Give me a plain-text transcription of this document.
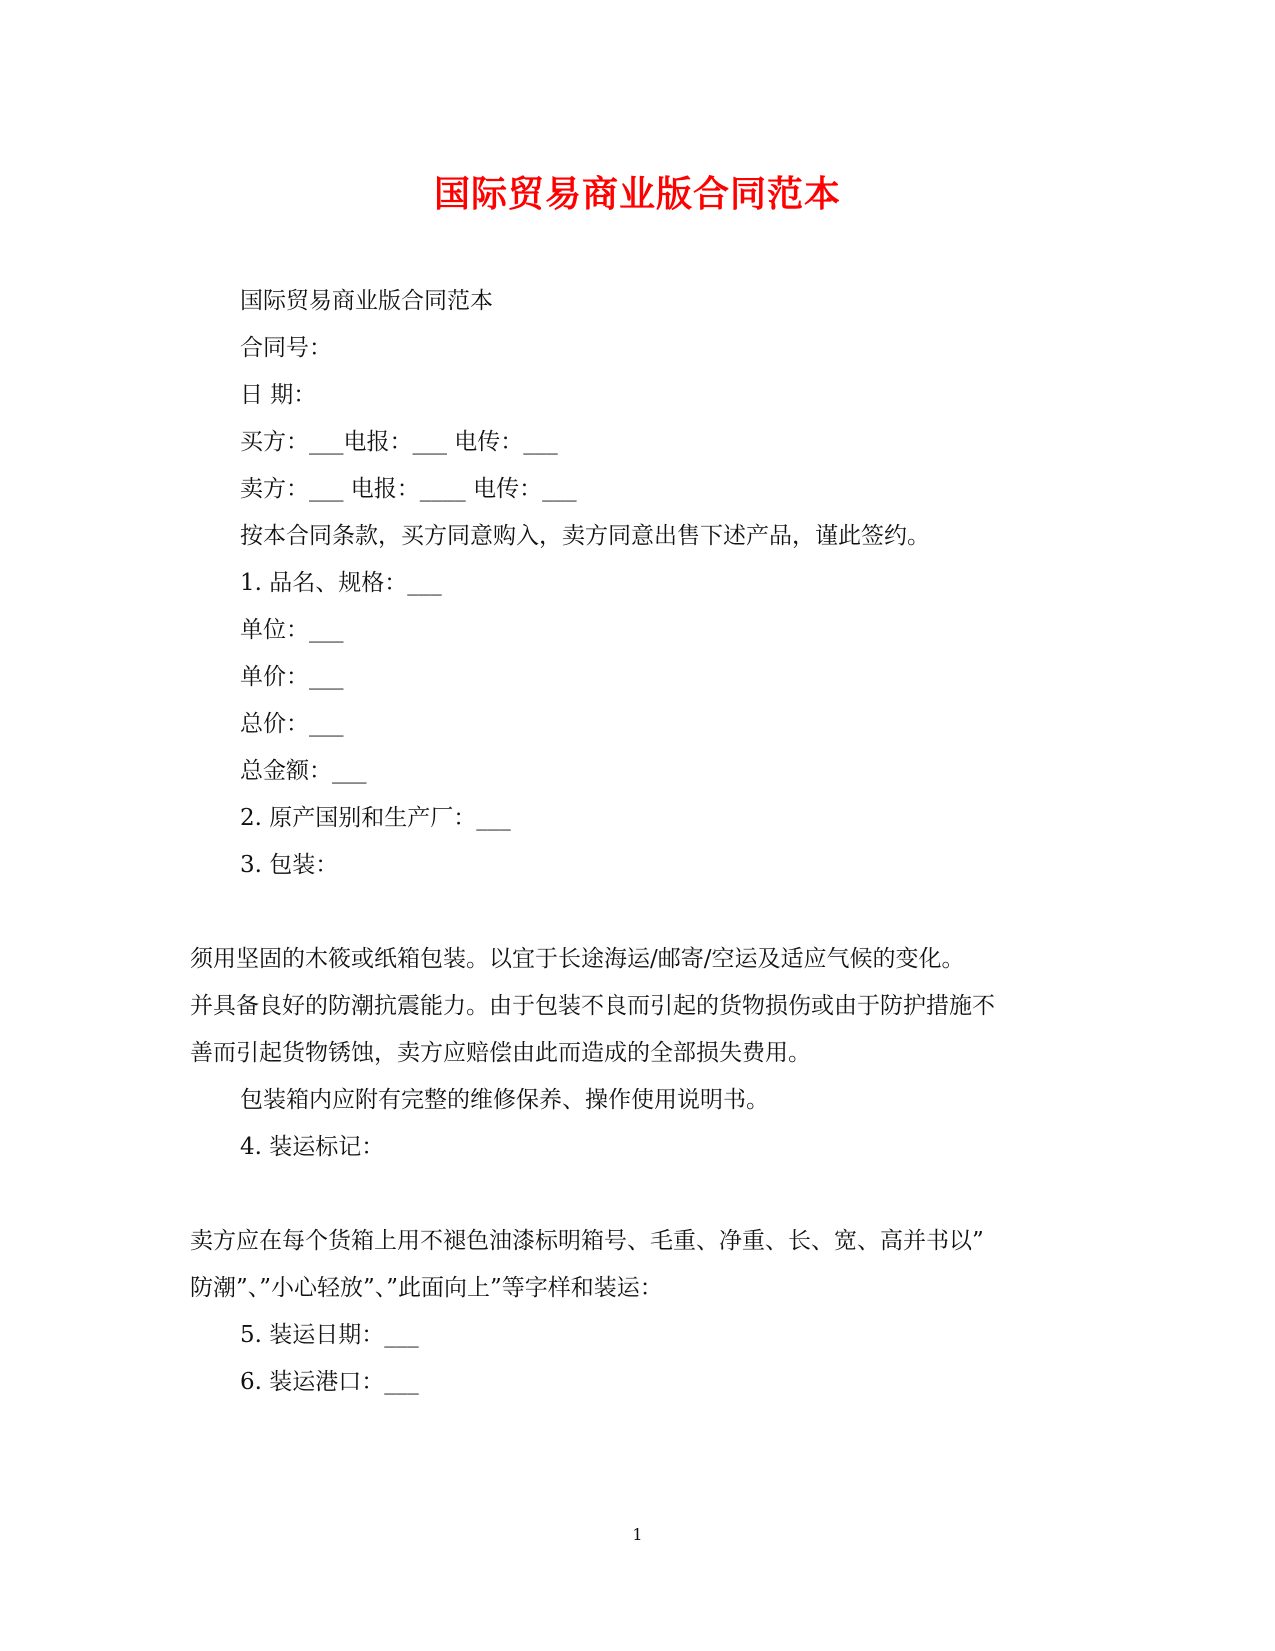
国际贸易商业版合同范本
国际贸易商业版合同范本
合同号：
日 期：
买方：___电报：___ 电传：___
卖方：___ 电报：____ 电传：___
按本合同条款，买方同意购入，卖方同意出售下述产品，谨此签约。
1. 品名、规格：___
单位：___
单价：___
总价：___
总金额：___
2. 原产国别和生产厂：___
3. 包装：
须用坚固的木筱或纸箱包装。以宜于长途海运/邮寄/空运及适应气候的变化。
并具备良好的防潮抗震能力。由于包装不良而引起的货物损伤或由于防护措施不
善而引起货物锈蚀，卖方应赔偿由此而造成的全部损失费用。
包装箱内应附有完整的维修保养、操作使用说明书。
4. 装运标记：
卖方应在每个货箱上用不褪色油漆标明箱号、毛重、净重、长、宽、高并书以”
防潮”、”小心轻放”、”此面向上”等字样和装运：
5. 装运日期：___
6. 装运港口：___
1
